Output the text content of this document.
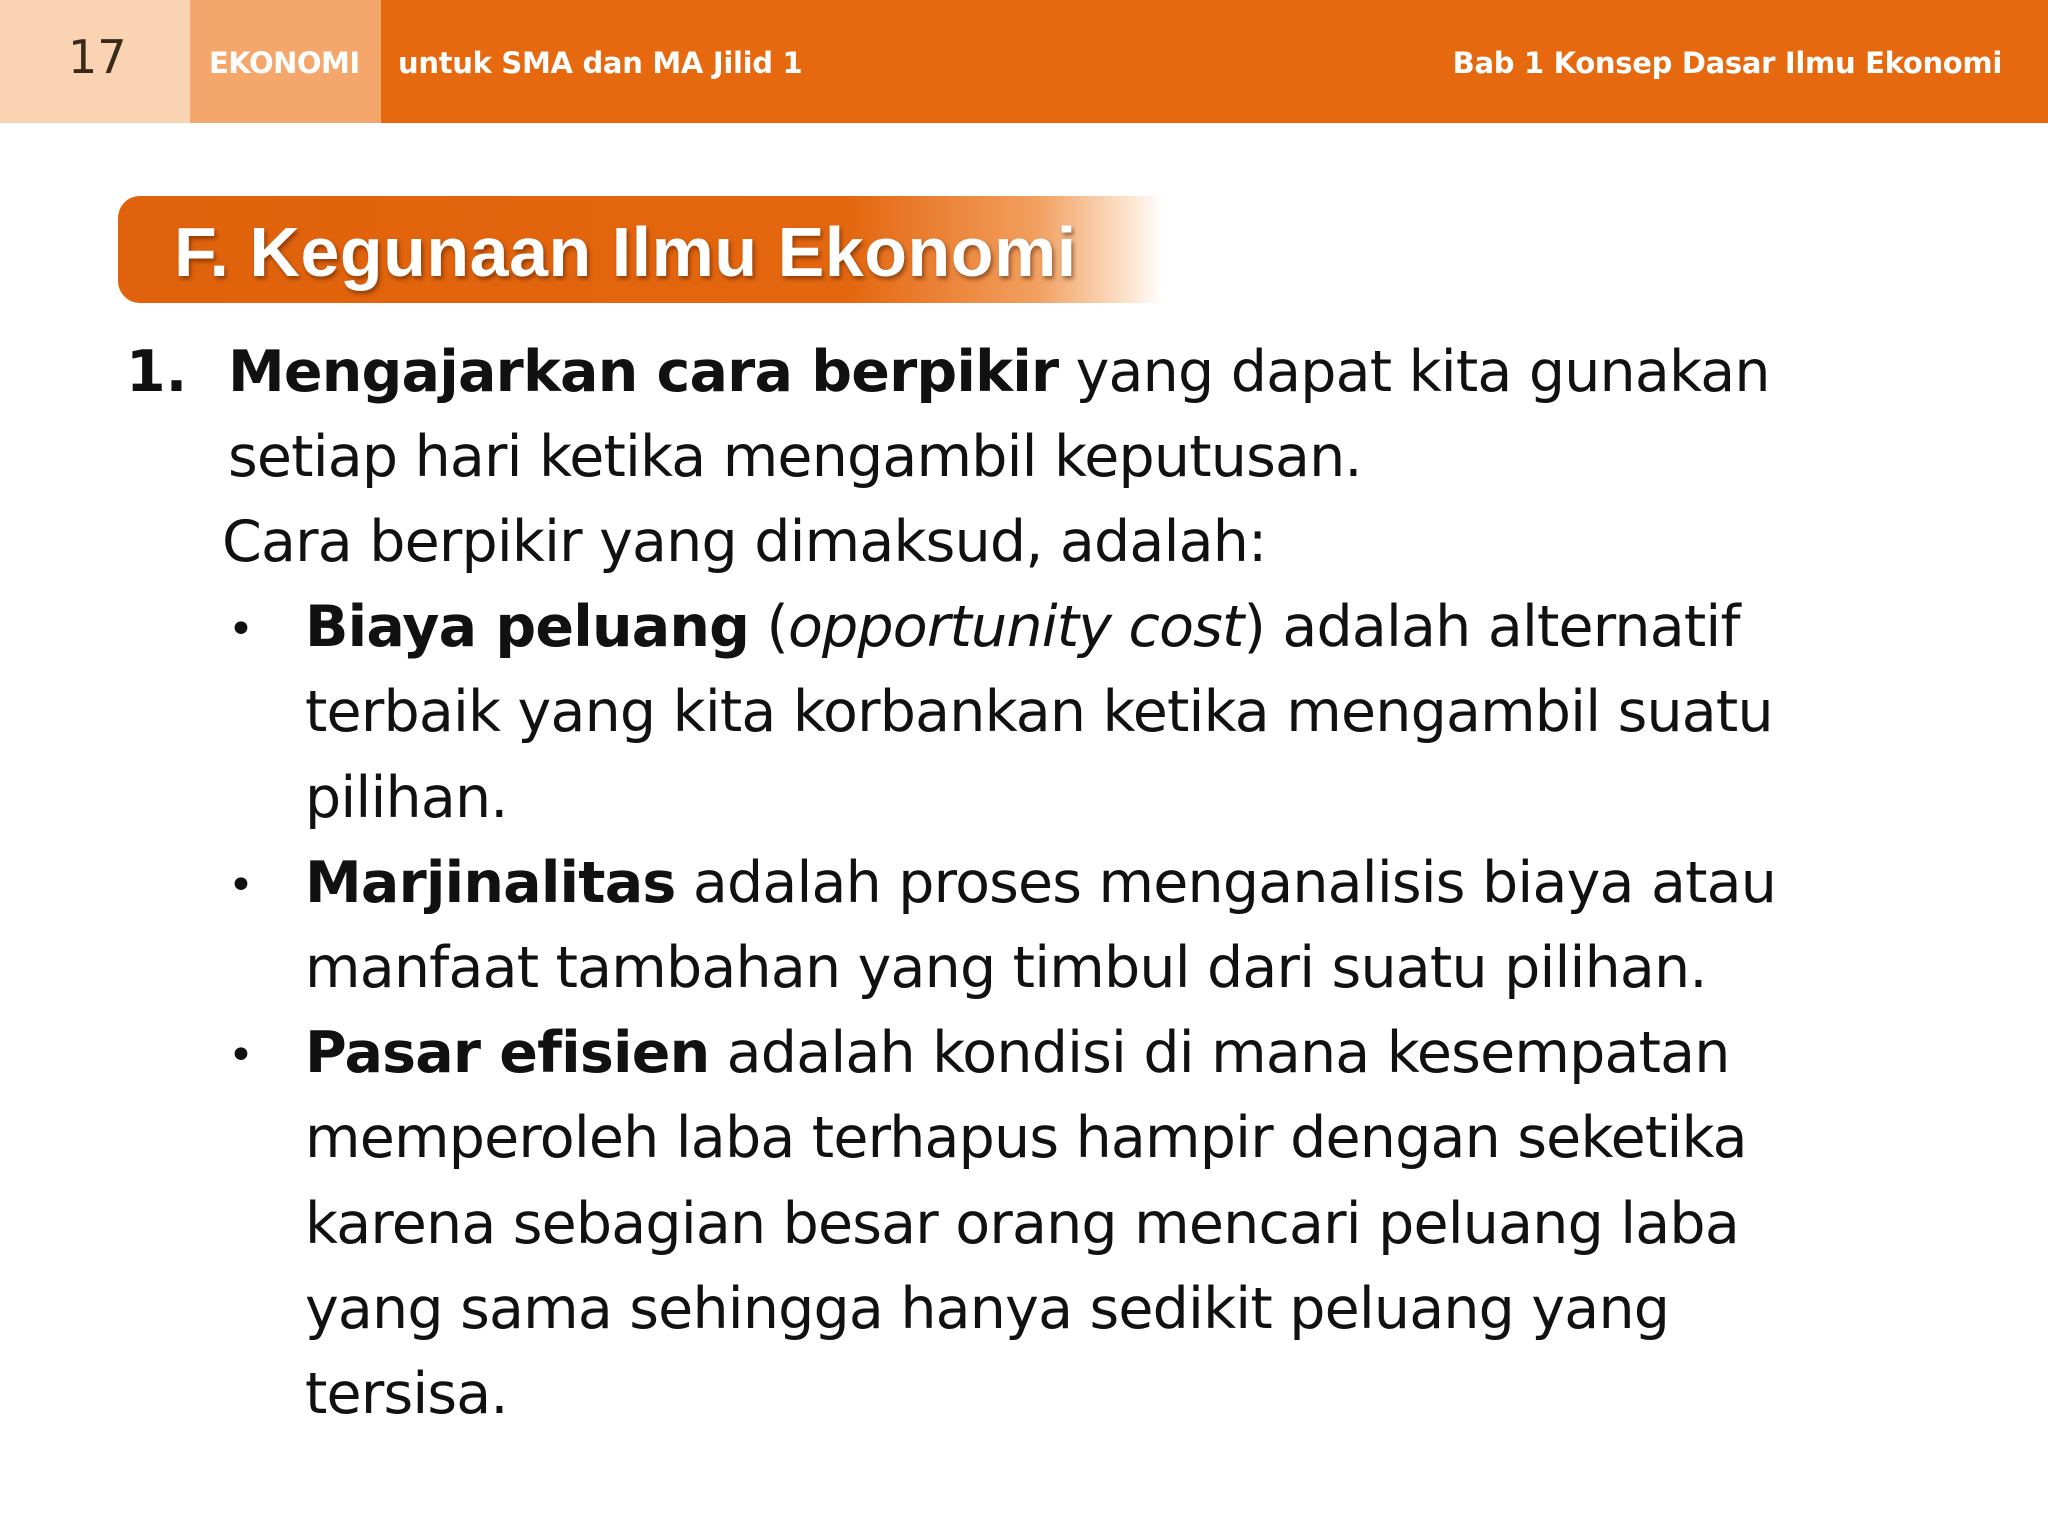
17	EKONOMI untuk SMA dan MA Jilid 1	Bab 1 Konsep Dasar Ilmu Ekonomi
F. Kegunaan Ilmu Ekonomi
1. Mengajarkan cara berpikir yang dapat kita gunakan
setiap hari ketika mengambil keputusan.
Cara berpikir yang dimaksud, adalah:
• Biaya peluang (opportunity cost) adalah alternatif
terbaik yang kita korbankan ketika mengambil suatu
pilihan.
• Marjinalitas adalah proses menganalisis biaya atau
manfaat tambahan yang timbul dari suatu pilihan.
• Pasar efisien adalah kondisi di mana kesempatan
memperoleh laba terhapus hampir dengan seketika
karena sebagian besar orang mencari peluang laba
yang sama sehingga hanya sedikit peluang yang
tersisa.
